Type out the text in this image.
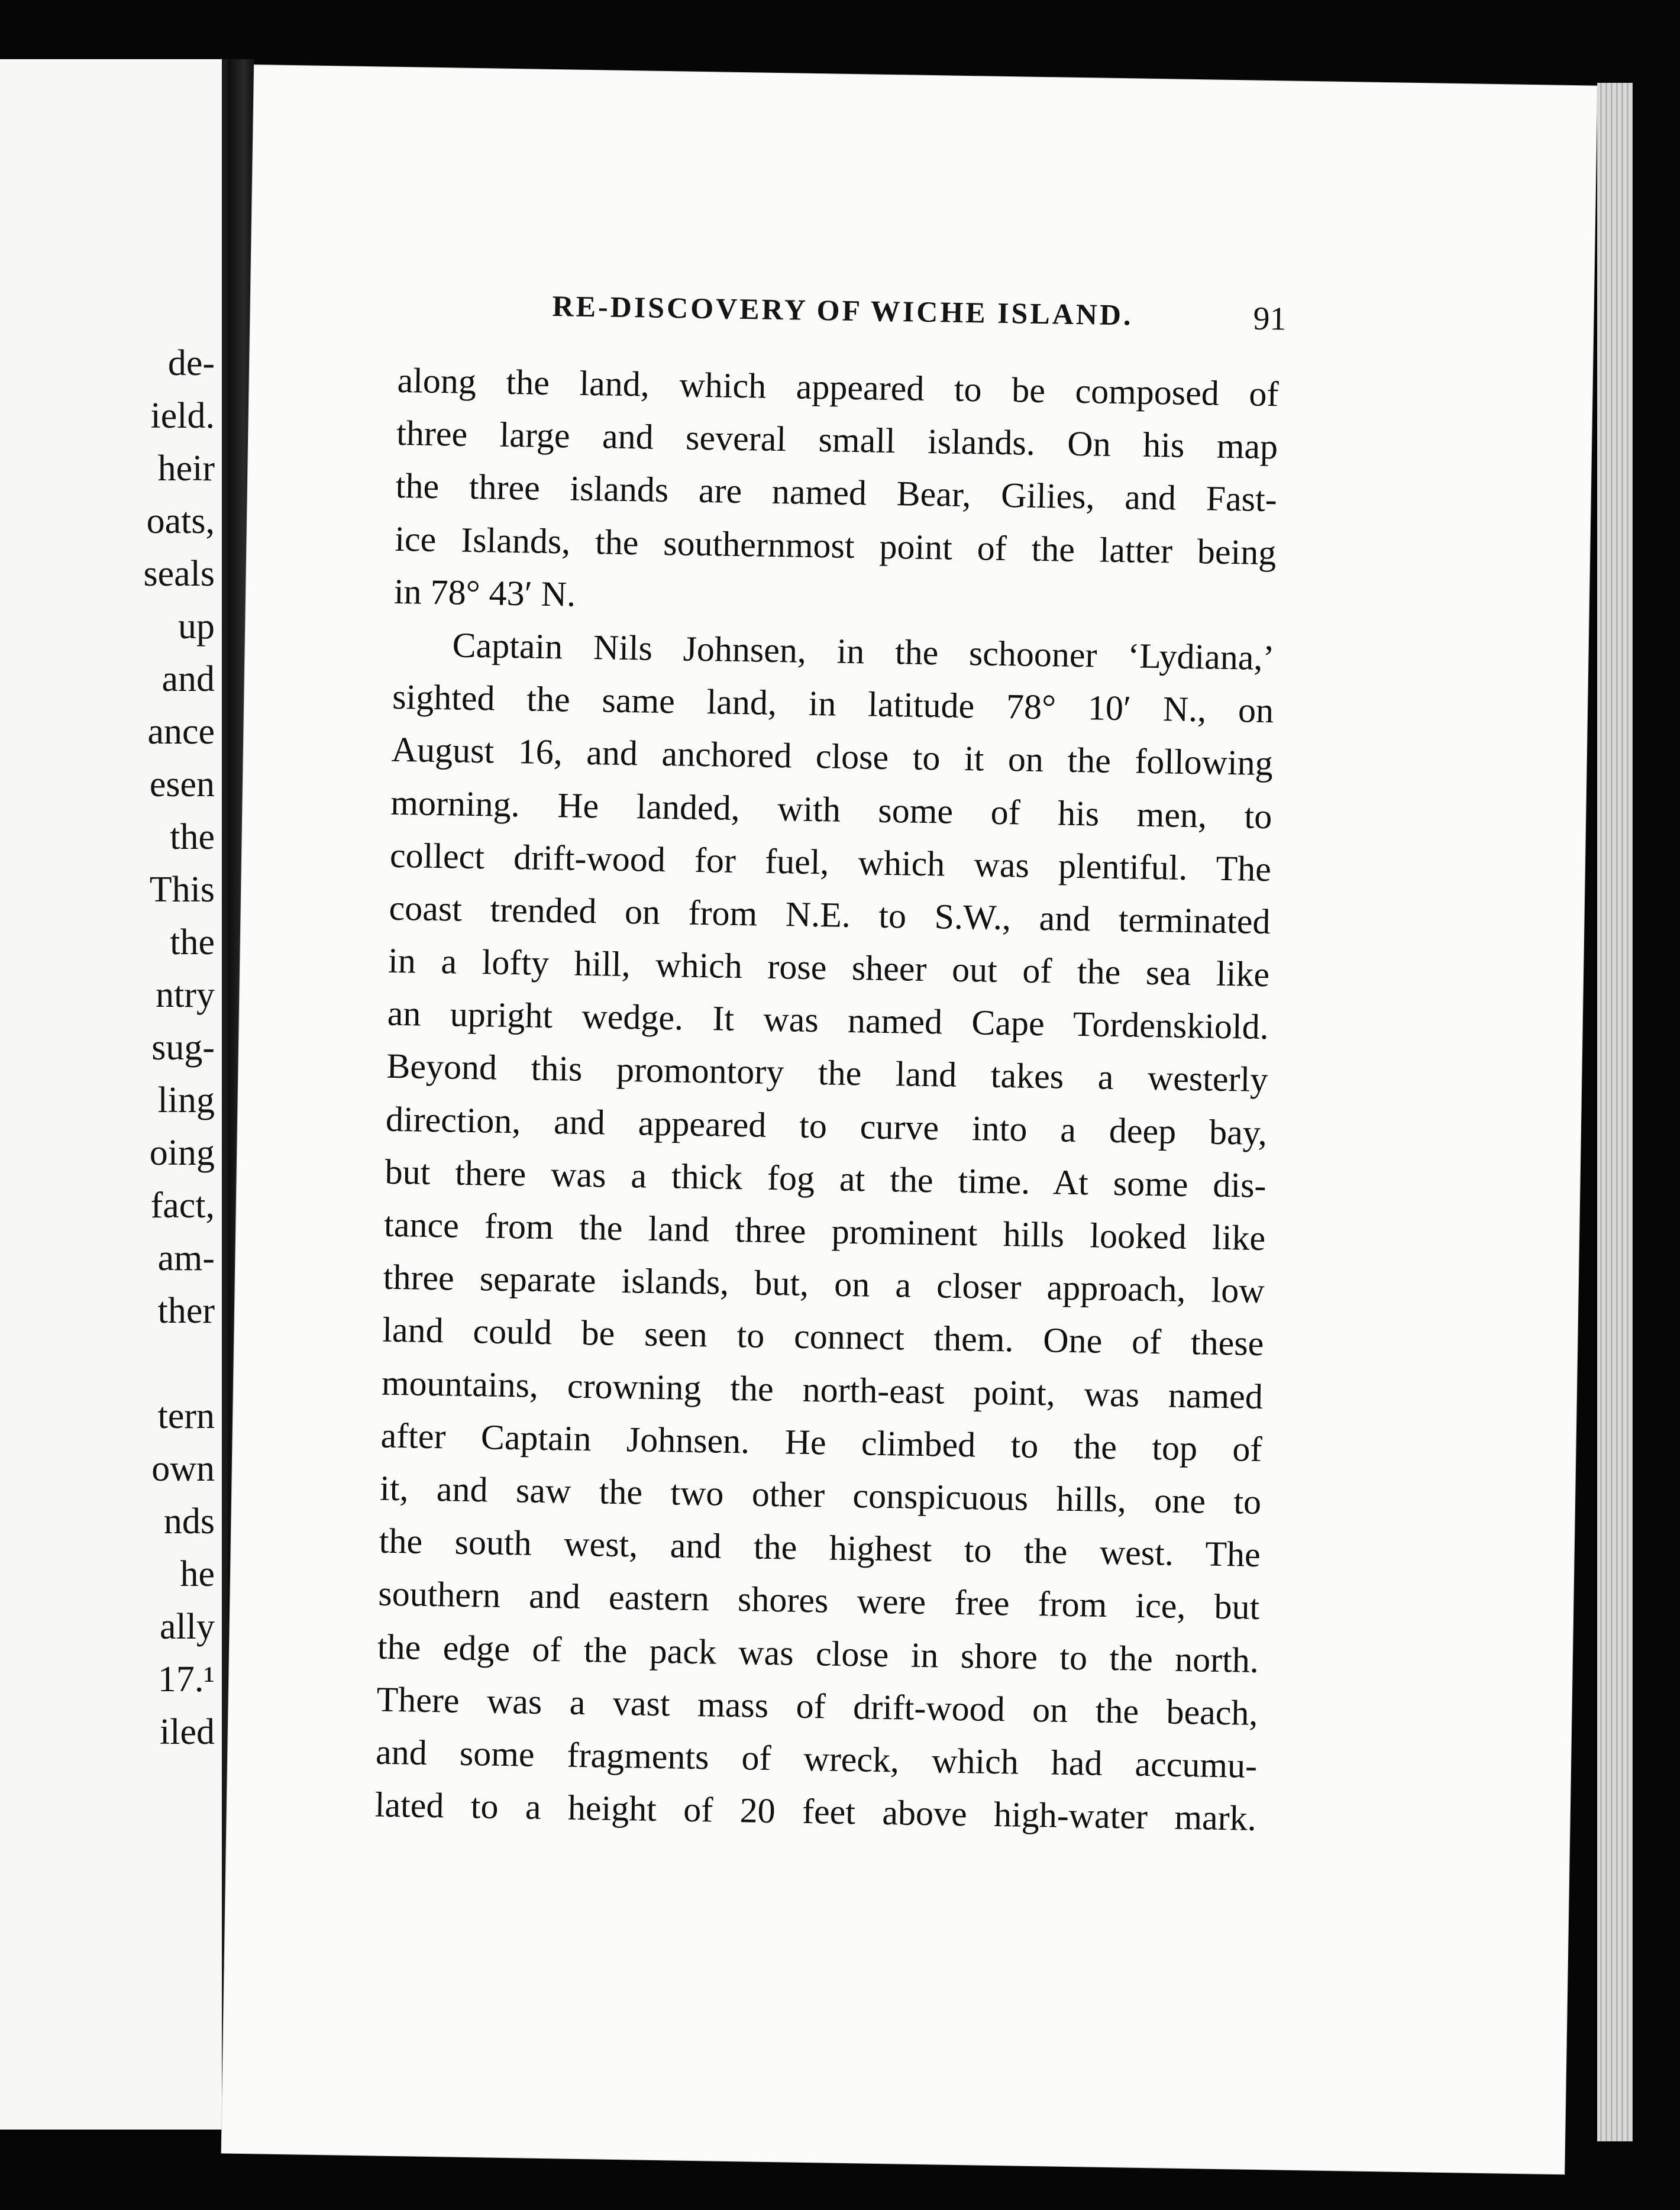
de-
ield.
heir
oats,
seals
up
and
ance
esen
the
This
the
ntry
sug-
ling
oing
fact,
am-
ther
tern
own
nds
he
ally
17.¹
iled
RE-DISCOVERY OF WICHE ISLAND.	91
along the land, which appeared to be composed of
three large and several small islands. On his map
the three islands are named Bear, Gilies, and Fast-
ice Islands, the southernmost point of the latter being
in 78° 43′ N.
Captain Nils Johnsen, in the schooner ‘Lydiana,’
sighted the same land, in latitude 78° 10′ N., on
August 16, and anchored close to it on the following
morning. He landed, with some of his men, to
collect drift-wood for fuel, which was plentiful. The
coast trended on from N.E. to S.W., and terminated
in a lofty hill, which rose sheer out of the sea like
an upright wedge. It was named Cape Tordenskiold.
Beyond this promontory the land takes a westerly
direction, and appeared to curve into a deep bay,
but there was a thick fog at the time. At some dis-
tance from the land three prominent hills looked like
three separate islands, but, on a closer approach, low
land could be seen to connect them. One of these
mountains, crowning the north-east point, was named
after Captain Johnsen. He climbed to the top of
it, and saw the two other conspicuous hills, one to
the south west, and the highest to the west. The
southern and eastern shores were free from ice, but
the edge of the pack was close in shore to the north.
There was a vast mass of drift-wood on the beach,
and some fragments of wreck, which had accumu-
lated to a height of 20 feet above high-water mark.
